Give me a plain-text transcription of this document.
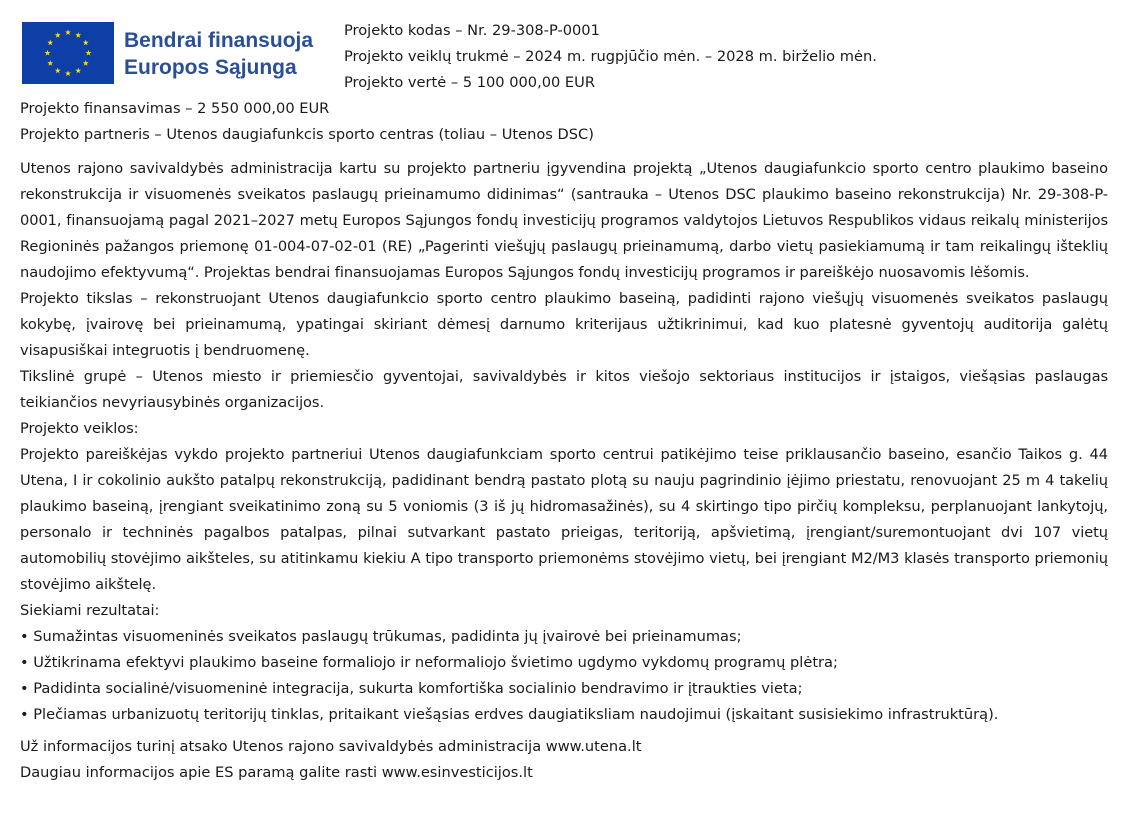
Bendrai finansuoja
Europos Sąjunga
Projekto kodas – Nr. 29-308-P-0001
Projekto veiklų trukmė – 2024 m. rugpjūčio mėn. – 2028 m. birželio mėn.
Projekto vertė – 5 100 000,00 EUR
Projekto finansavimas – 2 550 000,00 EUR
Projekto partneris – Utenos daugiafunkcis sporto centras (toliau – Utenos DSC)

Utenos rajono savivaldybės administracija kartu su projekto partneriu įgyvendina projektą „Utenos daugiafunkcio sporto centro plaukimo baseino rekonstrukcija ir visuomenės sveikatos paslaugų prieinamumo didinimas“ (santrauka – Utenos DSC plaukimo baseino rekonstrukcija) Nr. 29-308-P-0001, finansuojamą pagal 2021–2027 metų Europos Sąjungos fondų investicijų programos valdytojos Lietuvos Respublikos vidaus reikalų ministerijos Regioninės pažangos priemonę 01-004-07-02-01 (RE) „Pagerinti viešųjų paslaugų prieinamumą, darbo vietų pasiekiamumą ir tam reikalingų išteklių naudojimo efektyvumą“. Projektas bendrai finansuojamas Europos Sąjungos fondų investicijų programos ir pareiškėjo nuosavomis lėšomis.

Projekto tikslas – rekonstruojant Utenos daugiafunkcio sporto centro plaukimo baseiną, padidinti rajono viešųjų visuomenės sveikatos paslaugų kokybę, įvairovę bei prieinamumą, ypatingai skiriant dėmesį darnumo kriterijaus užtikrinimui, kad kuo platesnė gyventojų auditorija galėtų visapusiškai integruotis į bendruomenę.

Tikslinė grupė – Utenos miesto ir priemiesčio gyventojai, savivaldybės ir kitos viešojo sektoriaus institucijos ir įstaigos, viešąsias paslaugas teikiančios nevyriausybinės organizacijos.

Projekto veiklos:

Projekto pareiškėjas vykdo projekto partneriui Utenos daugiafunkciam sporto centrui patikėjimo teise priklausančio baseino, esančio Taikos g. 44 Utena, I ir cokolinio aukšto patalpų rekonstrukciją, padidinant bendrą pastato plotą su nauju pagrindinio įėjimo priestatu, renovuojant 25 m 4 takelių plaukimo baseiną, įrengiant sveikatinimo zoną su 5 voniomis (3 iš jų hidromasažinės), su 4 skirtingo tipo pirčių kompleksu, perplanuojant lankytojų, personalo ir techninės pagalbos patalpas, pilnai sutvarkant pastato prieigas, teritoriją, apšvietimą, įrengiant/suremontuojant dvi 107 vietų automobilių stovėjimo aikšteles, su atitinkamu kiekiu A tipo transporto priemonėms stovėjimo vietų, bei įrengiant M2/M3 klasės transporto priemonių stovėjimo aikštelę.

Siekiami rezultatai:

• Sumažintas visuomeninės sveikatos paslaugų trūkumas, padidinta jų įvairovė bei prieinamumas;
• Užtikrinama efektyvi plaukimo baseine formaliojo ir neformaliojo švietimo ugdymo vykdomų programų plėtra;
• Padidinta socialinė/visuomeninė integracija, sukurta komfortiška socialinio bendravimo ir įtraukties vieta;
• Plečiamas urbanizuotų teritorijų tinklas, pritaikant viešąsias erdves daugiatiksliam naudojimui (įskaitant susisiekimo infrastruktūrą).
Už informacijos turinį atsako Utenos rajono savivaldybės administracija www.utena.lt
Daugiau informacijos apie ES paramą galite rasti www.esinvesticijos.lt
